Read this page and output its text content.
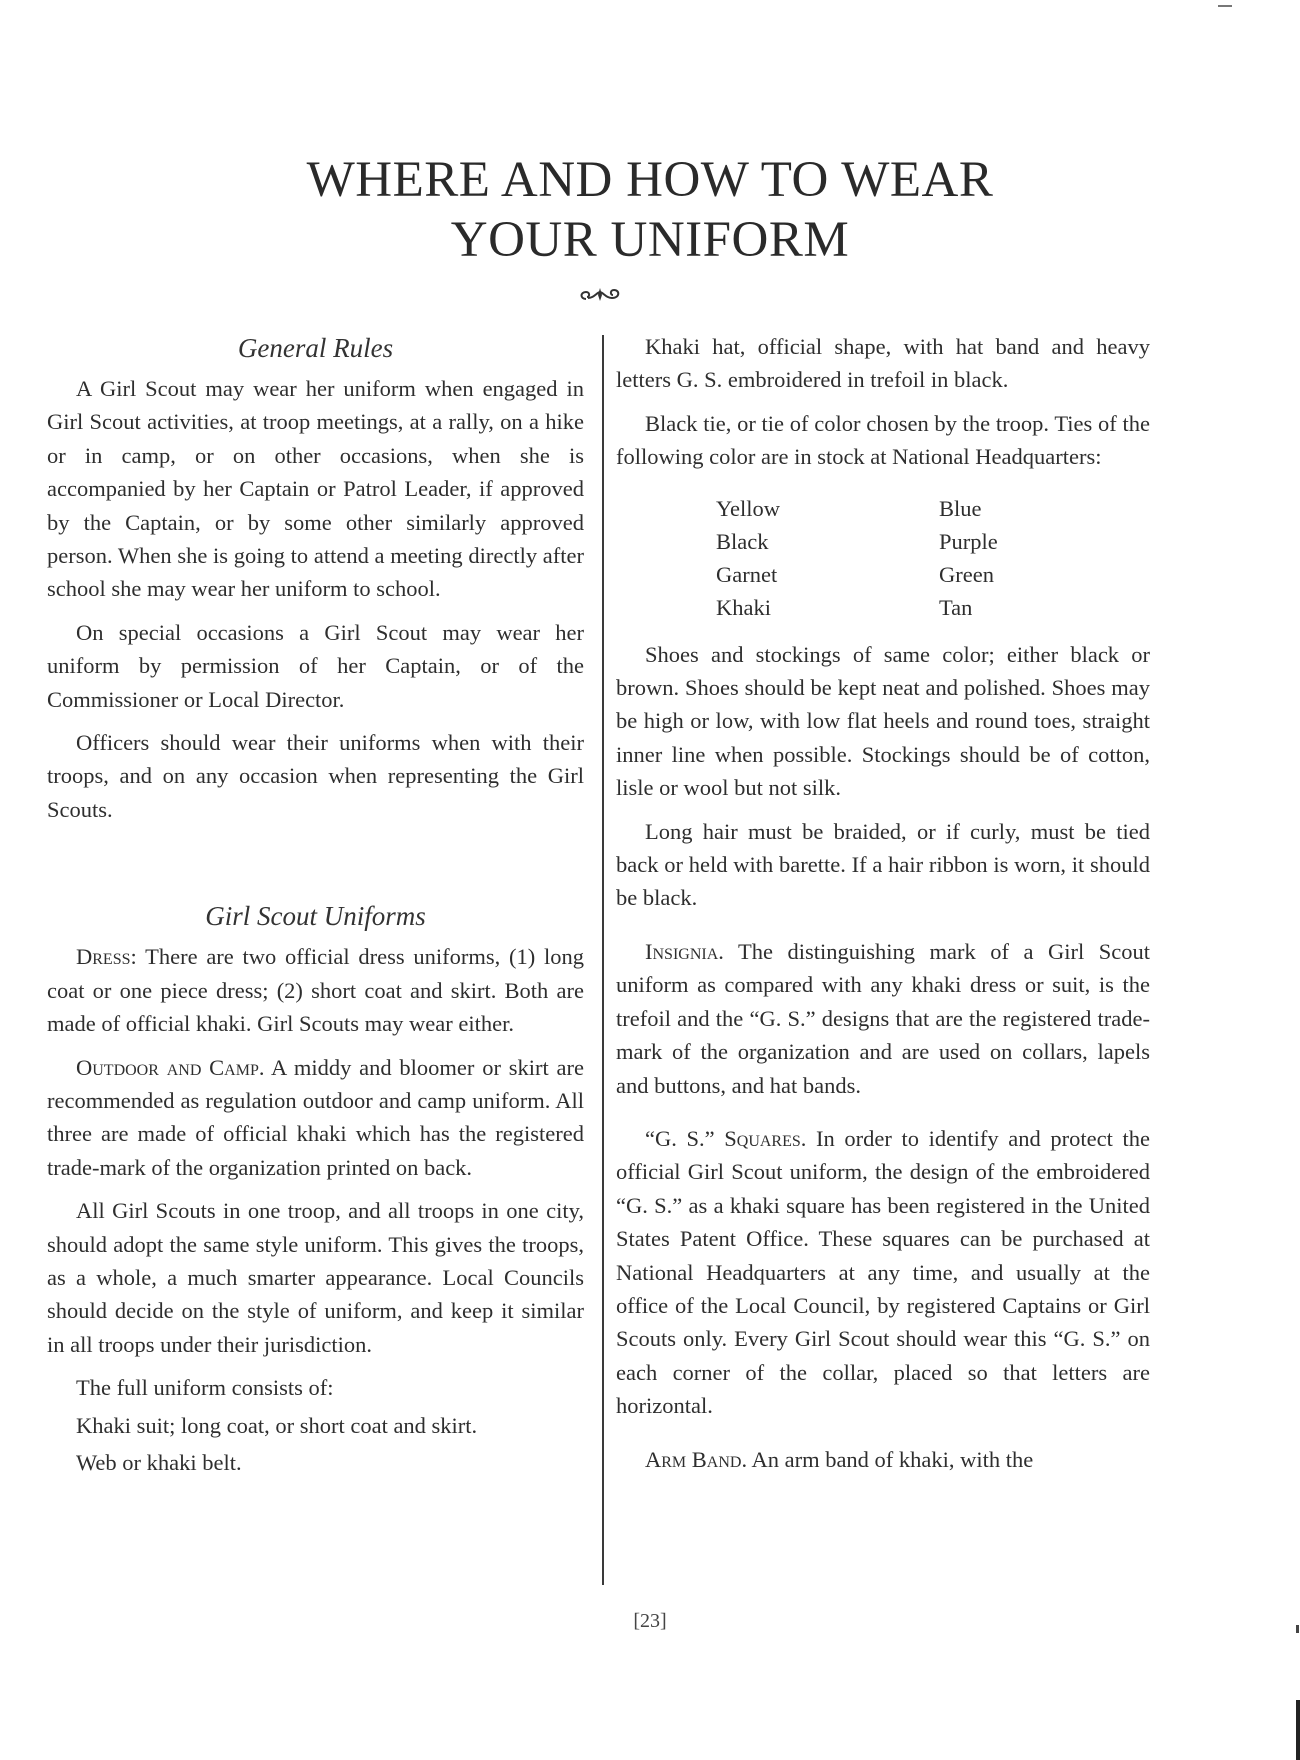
WHERE AND HOW TO WEAR
YOUR UNIFORM
General Rules

A Girl Scout may wear her uniform when engaged in Girl Scout activities, at troop meetings, at a rally, on a hike or in camp, or on other occasions, when she is accompanied by her Captain or Patrol Leader, if approved by the Captain, or by some other similarly approved person. When she is going to attend a meeting directly after school she may wear her uniform to school.

On special occasions a Girl Scout may wear her uniform by permission of her Captain, or of the Commissioner or Local Director.

Officers should wear their uniforms when with their troops, and on any occasion when representing the Girl Scouts.

Girl Scout Uniforms

Dress: There are two official dress uniforms, (1) long coat or one piece dress; (2) short coat and skirt. Both are made of official khaki. Girl Scouts may wear either.

Outdoor and Camp. A middy and bloomer or skirt are recommended as regulation outdoor and camp uniform. All three are made of official khaki which has the registered trade-mark of the organization printed on back.

All Girl Scouts in one troop, and all troops in one city, should adopt the same style uniform. This gives the troops, as a whole, a much smarter appearance. Local Councils should decide on the style of uniform, and keep it similar in all troops under their jurisdiction.

The full uniform consists of:

Khaki suit; long coat, or short coat and skirt.

Web or khaki belt.

Khaki hat, official shape, with hat band and heavy letters G. S. embroidered in trefoil in black.

Black tie, or tie of color chosen by the troop. Ties of the following color are in stock at National Headquarters:

Yellow
Black
Garnet
Khaki
Blue
Purple
Green
Tan

Shoes and stockings of same color; either black or brown. Shoes should be kept neat and polished. Shoes may be high or low, with low flat heels and round toes, straight inner line when possible. Stockings should be of cotton, lisle or wool but not silk.

Long hair must be braided, or if curly, must be tied back or held with barette. If a hair ribbon is worn, it should be black.

Insignia. The distinguishing mark of a Girl Scout uniform as compared with any khaki dress or suit, is the trefoil and the “G. S.” designs that are the registered trade-mark of the organization and are used on collars, lapels and buttons, and hat bands.

“G. S.” Squares. In order to identify and protect the official Girl Scout uniform, the design of the embroidered “G. S.” as a khaki square has been registered in the United States Patent Office. These squares can be purchased at National Headquarters at any time, and usually at the office of the Local Council, by registered Captains or Girl Scouts only. Every Girl Scout should wear this “G. S.” on each corner of the collar, placed so that letters are horizontal.

Arm Band. An arm band of khaki, with the

[23]
